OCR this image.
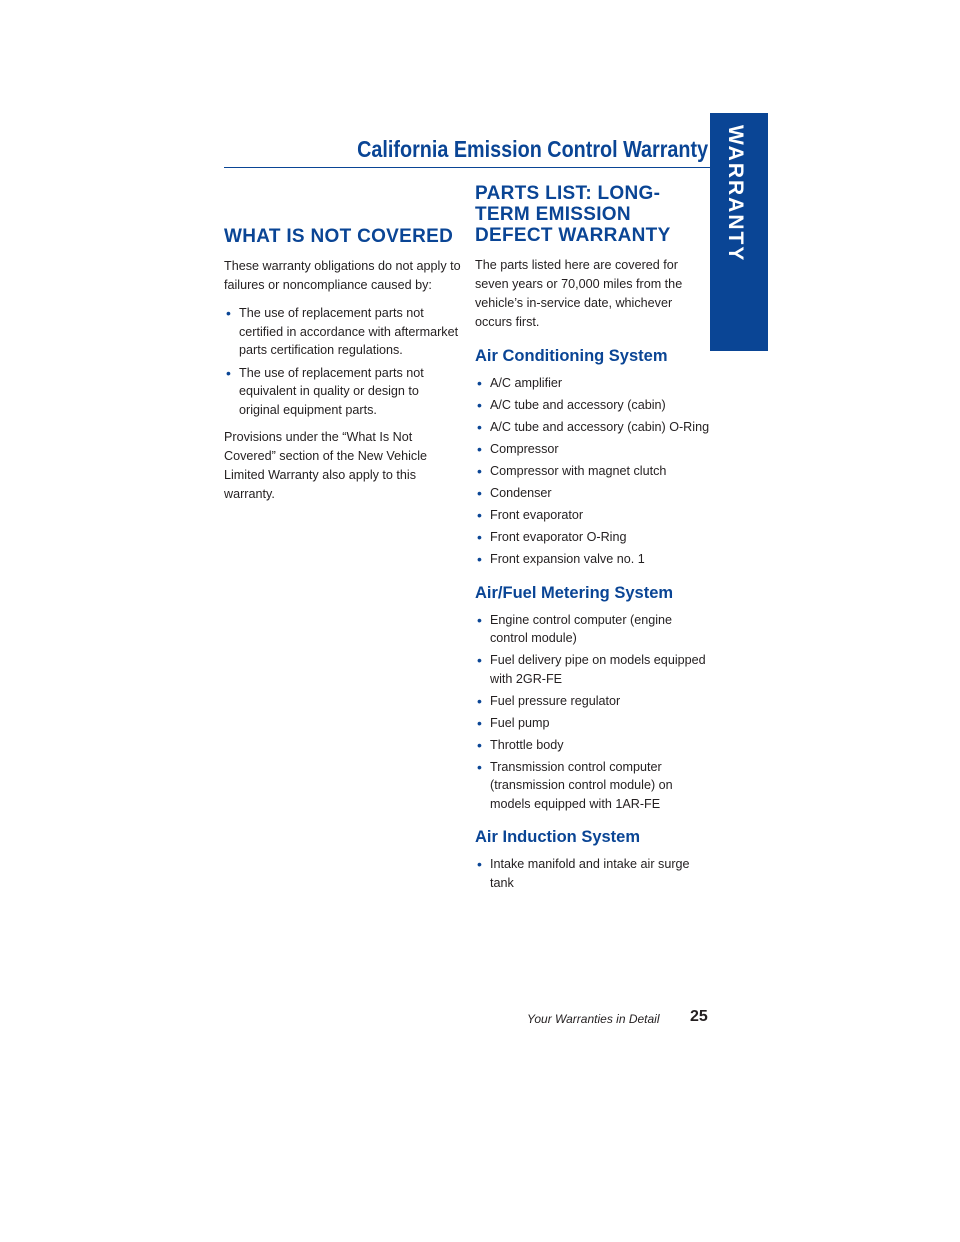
WARRANTY
California Emission Control Warranty
WHAT IS NOT COVERED

These warranty obligations do not apply to failures or noncompliance caused by:

• The use of replacement parts not certified in accordance with aftermarket parts certification regulations.
• The use of replacement parts not equivalent in quality or design to original equipment parts.

Provisions under the “What Is Not Covered” section of the New Vehicle Limited Warranty also apply to this warranty.

PARTS LIST: LONG-TERM EMISSION DEFECT WARRANTY

The parts listed here are covered for seven years or 70,000 miles from the vehicle’s in-service date, whichever occurs first.

Air Conditioning System
• A/C amplifier
• A/C tube and accessory (cabin)
• A/C tube and accessory (cabin) O-Ring
• Compressor
• Compressor with magnet clutch
• Condenser
• Front evaporator
• Front evaporator O-Ring
• Front expansion valve no. 1
Air/Fuel Metering System
• Engine control computer (engine control module)
• Fuel delivery pipe on models equipped with 2GR-FE
• Fuel pressure regulator
• Fuel pump
• Throttle body
• Transmission control computer (transmission control module) on models equipped with 1AR-FE
Air Induction System
• Intake manifold and intake air surge tank
Your Warranties in Detail 25
